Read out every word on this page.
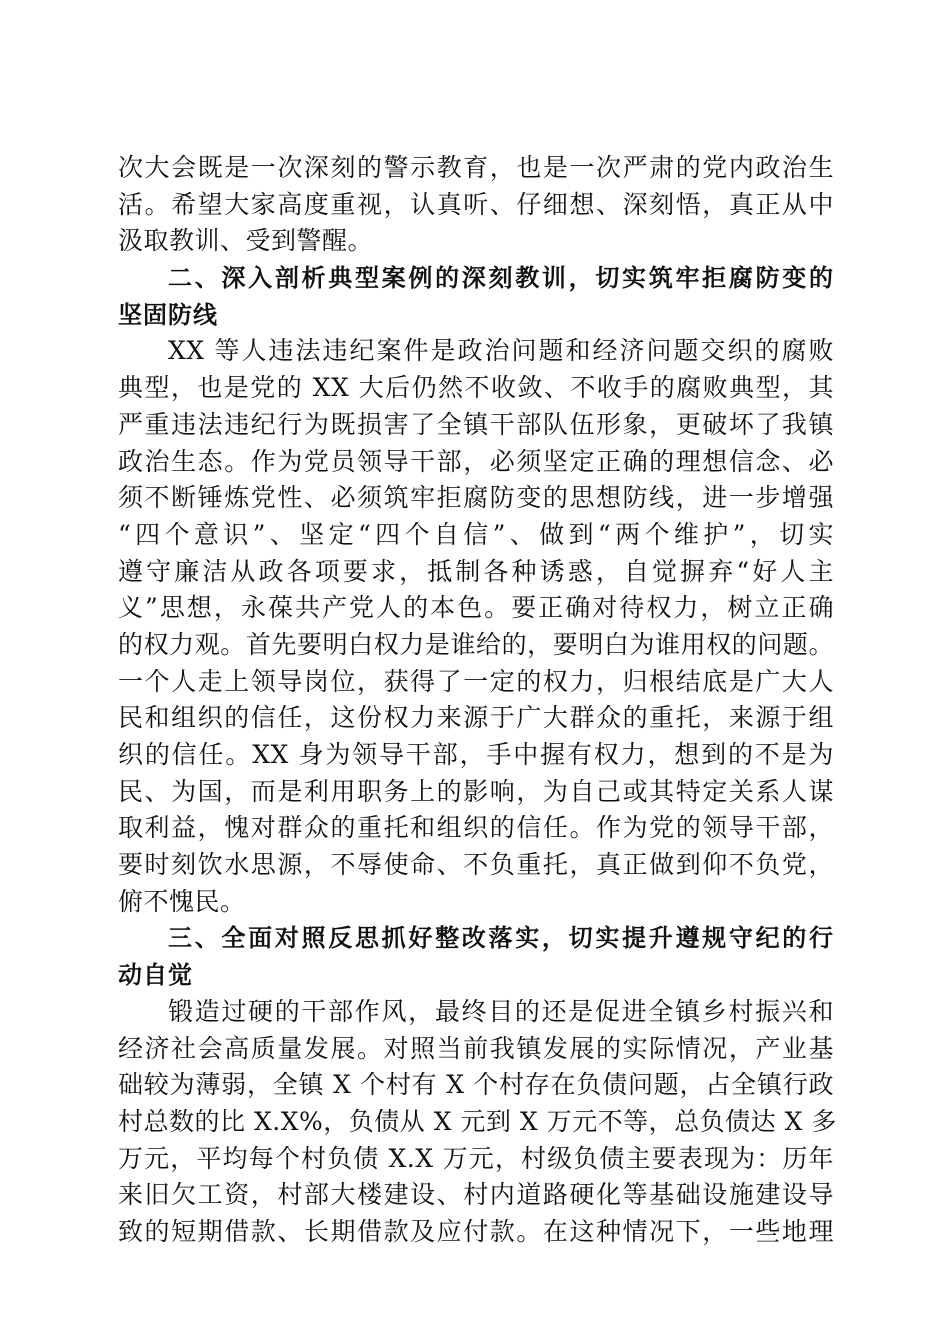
次大会既是一次深刻的警示教育，也是一次严肃的党内政治生
活。希望大家高度重视，认真听、仔细想、深刻悟，真正从中
汲取教训、受到警醒。
二、深入剖析典型案例的深刻教训，切实筑牢拒腐防变的
坚固防线
XX 等人违法违纪案件是政治问题和经济问题交织的腐败
典型，也是党的 XX 大后仍然不收敛、不收手的腐败典型，其
严重违法违纪行为既损害了全镇干部队伍形象，更破坏了我镇
政治生态。作为党员领导干部，必须坚定正确的理想信念、必
须不断锤炼党性、必须筑牢拒腐防变的思想防线，进一步增强
“四个意识”、坚定“四个自信”、做到“两个维护”，切实
遵守廉洁从政各项要求，抵制各种诱惑，自觉摒弃“好人主
义”思想，永葆共产党人的本色。要正确对待权力，树立正确
的权力观。首先要明白权力是谁给的，要明白为谁用权的问题。
一个人走上领导岗位，获得了一定的权力，归根结底是广大人
民和组织的信任，这份权力来源于广大群众的重托，来源于组
织的信任。XX 身为领导干部，手中握有权力，想到的不是为
民、为国，而是利用职务上的影响，为自己或其特定关系人谋
取利益，愧对群众的重托和组织的信任。作为党的领导干部，
要时刻饮水思源，不辱使命、不负重托，真正做到仰不负党，
俯不愧民。
三、全面对照反思抓好整改落实，切实提升遵规守纪的行
动自觉
锻造过硬的干部作风，最终目的还是促进全镇乡村振兴和
经济社会高质量发展。对照当前我镇发展的实际情况，产业基
础较为薄弱，全镇 X 个村有 X 个村存在负债问题，占全镇行政
村总数的比 X.X%，负债从 X 元到 X 万元不等，总负债达 X 多
万元，平均每个村负债 X.X 万元，村级负债主要表现为：历年
来旧欠工资，村部大楼建设、村内道路硬化等基础设施建设导
致的短期借款、长期借款及应付款。在这种情况下，一些地理
